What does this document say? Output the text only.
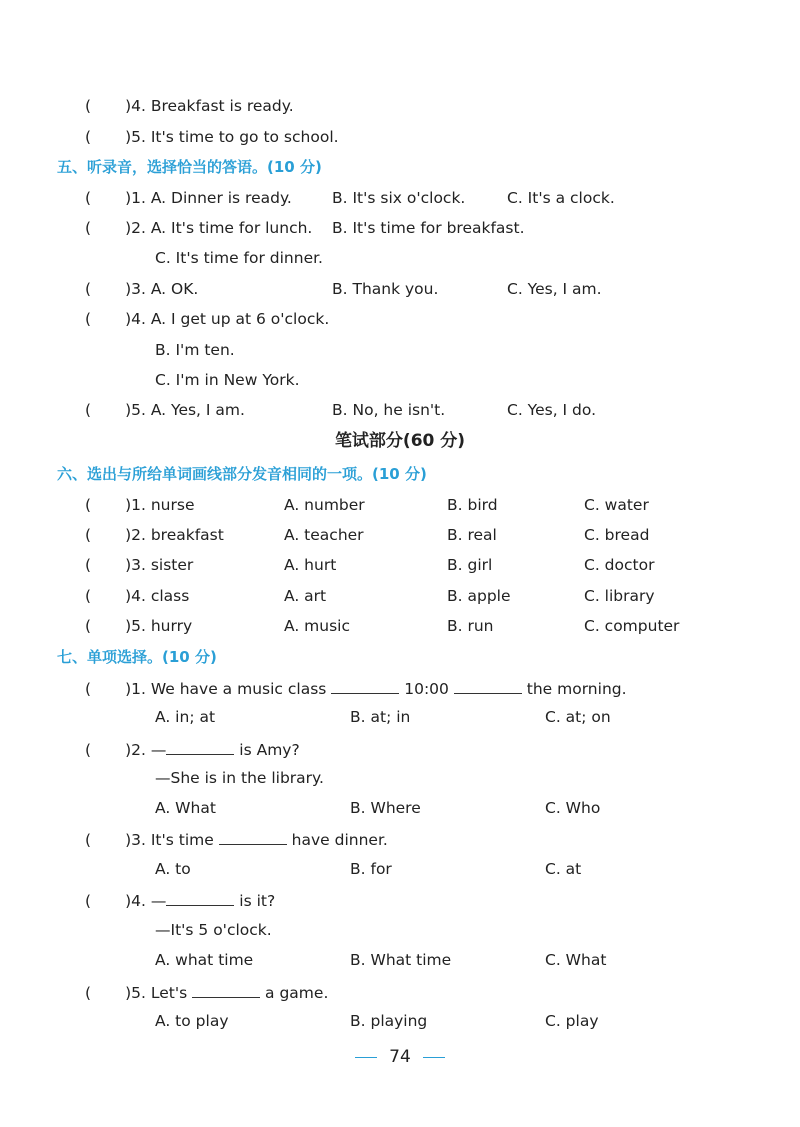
( )4. Breakfast is ready.
( )5. It's time to go to school.
五、听录音，选择恰当的答语。(10 分)
( )1. A. Dinner is ready.	B. It's six o'clock.	C. It's a clock.
( )2. A. It's time for lunch. B. It's time for breakfast.
C. It's time for dinner.
( )3. A. OK.	B. Thank you.	C. Yes, I am.
( )4. A. I get up at 6 o'clock.
B. I'm ten.
C. I'm in New York.
( )5. A. Yes, I am.	B. No, he isn't.	C. Yes, I do.
笔试部分(60 分)
六、选出与所给单词画线部分发音相同的一项。(10 分)
( )1. nurse	A. number	B. bird	C. water
( )2. breakfast	A. teacher	B. real	C. bread
( )3. sister	A. hurt	B. girl	C. doctor
( )4. class	A. art	B. apple	C. library
( )5. hurry	A. music	B. run	C. computer
七、单项选择。(10 分)
( )1. We have a music class	10:00	the morning.
A. in; at	B. at; in	C. at; on
( )2. —	is Amy?
—She is in the library.
A. What	B. Where	C. Who
( )3. It's time	have dinner.
A. to	B. for	C. at
( )4. —	is it?
—It's 5 o'clock.
A. what time	B. What time	C. What
( )5. Let's	a game.
A. to play	B. playing	C. play
74
